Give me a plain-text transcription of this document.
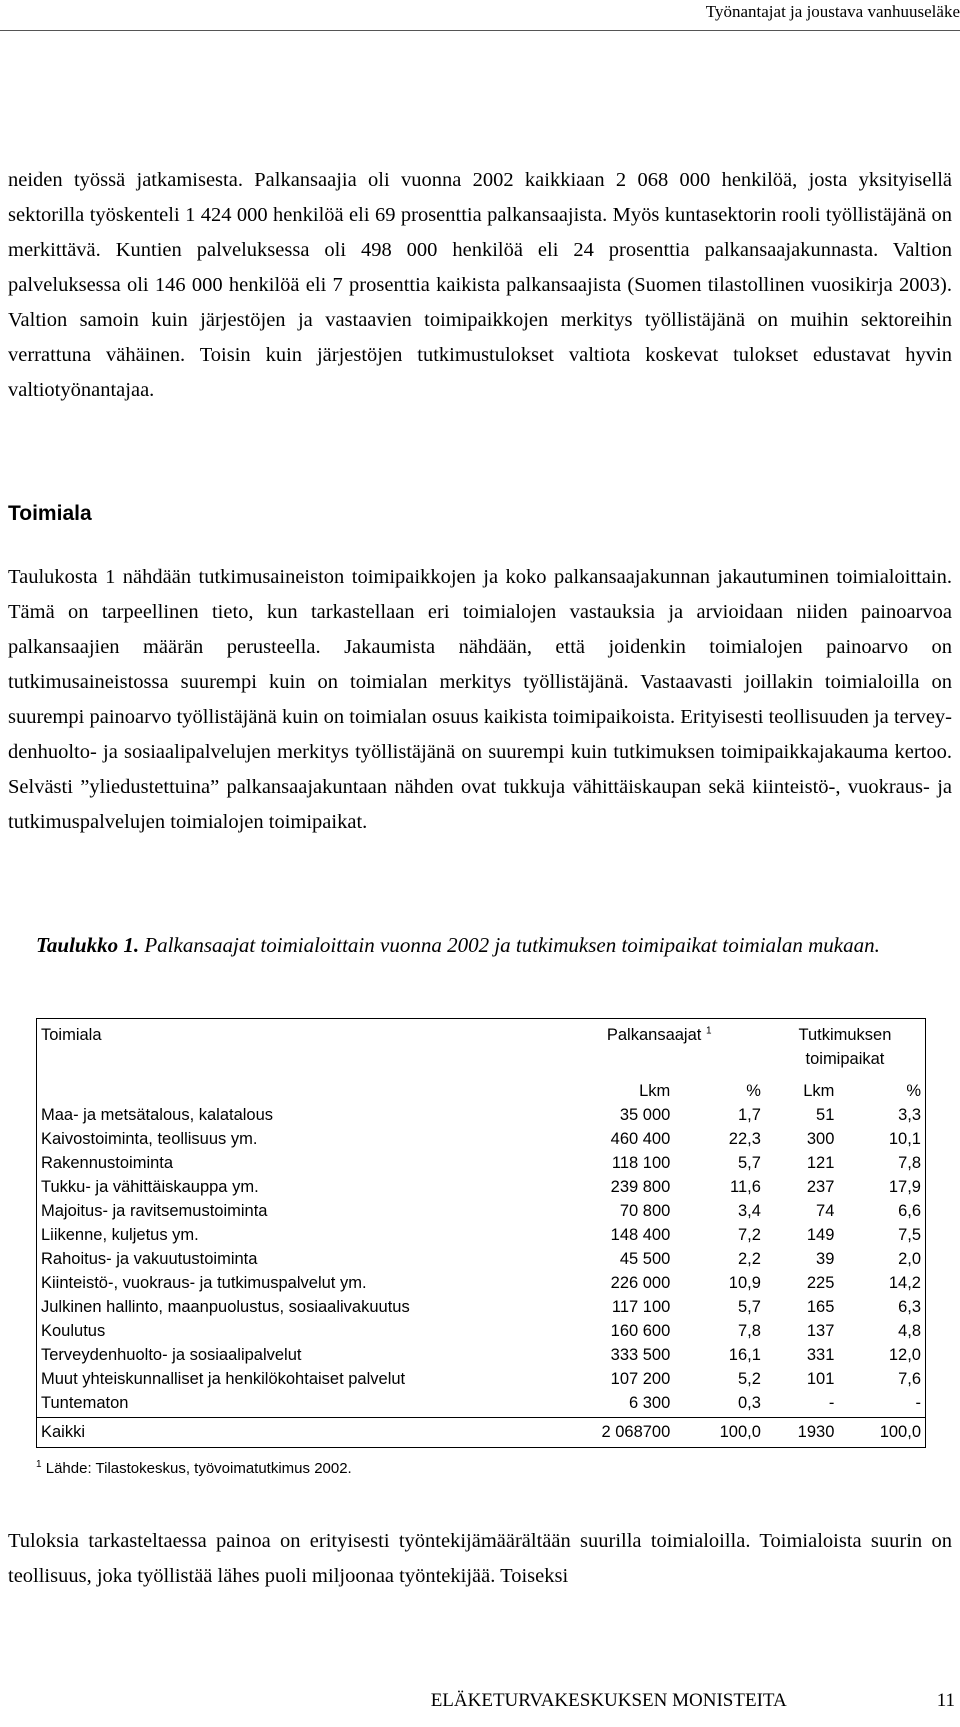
Työnantajat ja joustava vanhuuseläke

neiden työssä jatkamisesta. Palkansaajia oli vuonna 2002 kaikkiaan 2 068 000 henkilöä, josta yksityisellä sektorilla työskenteli 1 424 000 henkilöä eli 69 prosenttia palkansaajista. Myös kuntasektorin rooli työllistäjänä on merkittävä. Kuntien palveluksessa oli 498 000 henkilöä eli 24 prosenttia palkansaajakunnasta. Valtion palveluksessa oli 146 000 henkilöä eli 7 prosenttia kaikista palkansaajista (Suomen tilastollinen vuosikirja 2003). Valtion samoin kuin järjestöjen ja vastaavien toimipaikkojen merkitys työllistäjänä on muihin sektoreihin verrattuna vähäinen. Toisin kuin järjestöjen tutkimustulokset valtiota koskevat tulokset edustavat hyvin valtiotyönantajaa.

Toimiala

Taulukosta 1 nähdään tutkimusaineiston toimipaikkojen ja koko palkansaajakunnan jakautuminen toimialoittain. Tämä on tarpeellinen tieto, kun tarkastellaan eri toimialojen vastauksia ja arvioidaan niiden painoarvoa palkansaajien määrän perusteella. Jakaumista nähdään, että joidenkin toimialojen painoarvo on tutkimusaineistossa suurempi kuin on toimialan merkitys työllistäjänä. Vastaavasti joillakin toimialoilla on suurempi painoarvo työllistäjänä kuin on toimialan osuus kaikista toimipaikoista. Erityisesti teollisuuden ja terveydenhuolto- ja sosiaalipalvelujen merkitys työllistäjänä on suurempi kuin tutkimuksen toimipaikkajakauma kertoo. Selvästi ”yliedustettuina” palkansaajakuntaan nähden ovat tukkuja vähittäiskaupan sekä kiinteistö-, vuokraus- ja tutkimuspalvelujen toimialojen toimipaikat.

Taulukko 1. Palkansaajat toimialoittain vuonna 2002 ja tutkimuksen toimipaikat toimialan mukaan.
Toimiala	Palkansaajat $^1$		Tutkimuksen
toimipaikat	
	Lkm	%	Lkm	%
Maa- ja metsätalous, kalatalous	35 000	1,7	51	3,3
Kaivostoiminta, teollisuus ym.	460 400	22,3	300	10,1
Rakennustoiminta	118 100	5,7	121	7,8
Tukku- ja vähittäiskauppa ym.	239 800	11,6	237	17,9
Majoitus- ja ravitsemustoiminta	70 800	3,4	74	6,6
Liikenne, kuljetus ym.	148 400	7,2	149	7,5
Rahoitus- ja vakuutustoiminta	45 500	2,2	39	2,0
Kiinteistö-, vuokraus- ja tutkimuspalvelut ym.	226 000	10,9	225	14,2
Julkinen hallinto, maanpuolustus, sosiaalivakuutus	117 100	5,7	165	6,3
Koulutus	160 600	7,8	137	4,8
Terveydenhuolto- ja sosiaalipalvelut	333 500	16,1	331	12,0
Muut yhteiskunnalliset ja henkilökohtaiset palvelut	107 200	5,2	101	7,6
Tuntematon	6 300	0,3	-	-
Kaikki	2 068700	100,0	1930	100,0
$^1$ Lähde: Tilastokeskus, työvoimatutkimus 2002.

Tuloksia tarkasteltaessa painoa on erityisesti työntekijämäärältään suurilla toimialoilla. Toimialoista suurin on teollisuus, joka työllistää lähes puoli miljoonaa työntekijää. Toiseksi

ELÄKETURVAKESKUKSEN MONISTEITA	11
